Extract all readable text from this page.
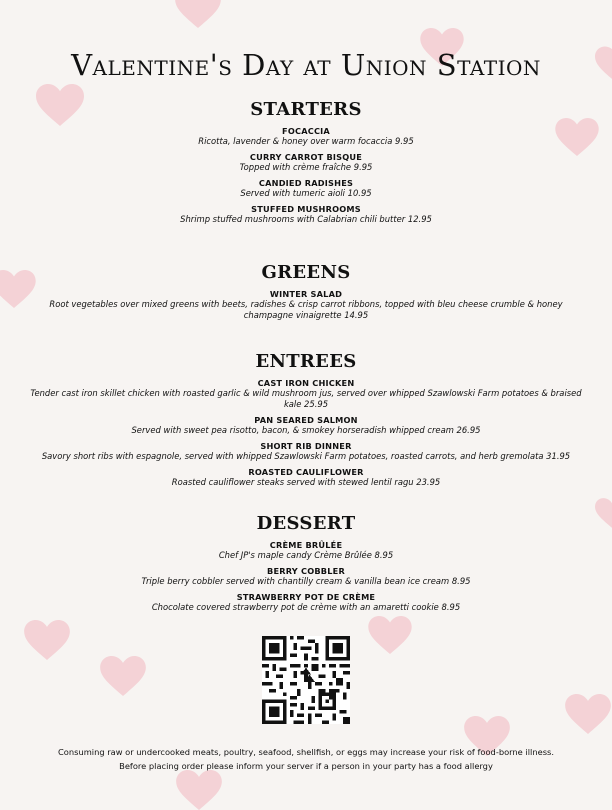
Valentine's Day at Union Station
STARTERS
FOCACCIA
Ricotta, lavender & honey over warm focaccia 9.95
CURRY CARROT BISQUE
Topped with crème fraîche 9.95
CANDIED RADISHES
Served with tumeric aioli 10.95
STUFFED MUSHROOMS
Shrimp stuffed mushrooms with Calabrian chili butter 12.95
GREENS
WINTER SALAD
Root vegetables over mixed greens with beets, radishes & crisp carrot ribbons, topped with bleu cheese crumble & honey champagne vinaigrette 14.95
ENTREES
CAST IRON CHICKEN
Tender cast iron skillet chicken with roasted garlic & wild mushroom jus, served over whipped Szawlowski Farm potatoes & braised kale 25.95
PAN SEARED SALMON
Served with sweet pea risotto, bacon, & smokey horseradish whipped cream 26.95
SHORT RIB DINNER
Savory short ribs with espagnole, served with whipped Szawlowski Farm potatoes, roasted carrots, and herb gremolata 31.95
ROASTED CAULIFLOWER
Roasted cauliflower steaks served with stewed lentil ragu 23.95
DESSERT
CRÈME BRÛLÉE
Chef JP's maple candy Crème Brûlée 8.95
BERRY COBBLER
Triple berry cobbler served with chantilly cream & vanilla bean ice cream 8.95
STRAWBERRY POT DE CRÈME
Chocolate covered strawberry pot de crème with an amaretti cookie 8.95
Consuming raw or undercooked meats, poultry, seafood, shellfish, or eggs may increase your risk of food-borne illness.
Before placing order please inform your server if a person in your party has a food allergy
